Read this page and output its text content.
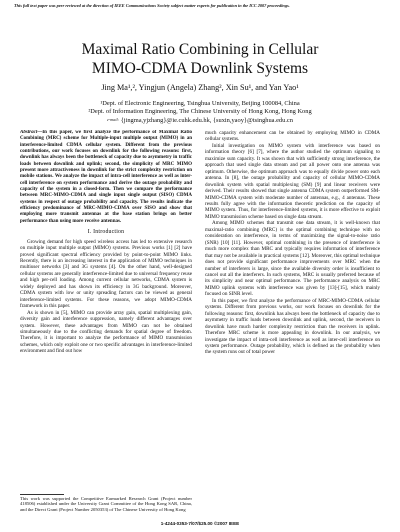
This full text paper was peer reviewed at the direction of IEEE Communications Society subject matter experts for publication in the ICC 2007 proceedings.
Maximal Ratio Combining in Cellular
MIMO-CDMA Downlink Systems
Jing Ma¹,², Yingjun (Angela) Zhang², Xin Su¹, and Yan Yao¹
¹Dept. of Electronic Engineering, Tsinghua University, Beijing 100084, China
²Dept. of Information Engineering, The Chinese University of Hong Kong, Hong Kong
e-mail: {jingma,yjzhang}@ie.cuhk.edu.hk, {suxin,yaoy}@tsinghua.edu.cn

Abstract—In this paper, we first analyze the performance of Maximal Ratio Combining (MRC) scheme for Multiple-input multiple output (MIMO) in an interference-limited CDMA cellular system. Different from the previous contributions, our work focuses on downlink for the following reasons: first, downlink has always been the bottleneck of capacity due to asymmetry in traffic loads between downlink and uplink; second, the simplicity of MRC MIMO present more attractiveness in downlink for the strict complexity restriction on mobile stations. We analyze the impact of intra-cell interference as well as inter-cell interference on system performance and derive the outage probability and capacity of the system in a closed-form. Then we compare the performance between MRC-MIMO-CDMA and single input single output (SISO) CDMA systems in respect of outage probability and capacity. The results indicate the efficiency predominance of MRC-MIMO-CDMA over SISO and show that employing more transmit antennas at the base station brings on better performance than using more receive antennas.

I. Introduction

Growing demand for high speed wireless access has led to extensive research on multiple input multiple output (MIMO) systems. Previous works [1] [2] have proved significant spectral efficiency provided by point-to-point MIMO links. Recently, there is an increasing interest in the application of MIMO techniques in multiuser networks [3] and 3G systems [4]. On the other hand, well-designed cellular systems are generally interference-limited due to universal frequency reuse and high per-cell loading. Among current cellular networks, CDMA system is widely deployed and has shown its efficiency in 3G background. Moreover, CDMA system with low or unity spreading factors can be viewed as general interference-limited systems. For these reasons, we adopt MIMO-CDMA framework in this paper.

As is shown in [5], MIMO can provide array gain, spatial multiplexing gain, diversity gain and interference suppression, namely different advantages over system. However, these advantages from MIMO can not be obtained simultaneously due to the conflicting demands for spatial degree of freedom. Therefore, it is important to analyze the performance of MIMO transmission schemes, which only exploit one or two specific advantages in interference-limited environment and find out how

much capacity enhancement can be obtained by employing MIMO in CDMA cellular systems.

Initial investigation on MIMO system with interference was based on information theory [6] [7], where the author studied the optimum signaling to maximize sum capacity. It was shown that with sufficiently strong interference, the approach that used single data stream and put all power onto one antenna was optimum. Otherwise, the optimum approach was to equally divide power onto each antenna. In [8], the outage probability and capacity of cellular MIMO-CDMA downlink system with spatial multiplexing (SM) [9] and linear receivers were derived. Their results showed that single antenna CDMA system outperformed SM-MIMO-CDMA system with moderate number of antennas, e.g., 4 antennas. These results fully agree with the information theoretic prediction on the capacity of MIMO system. Thus, for interference-limited systems, it is more effective to exploit MIMO transmission scheme based on single data stream.

Among MIMO schemes that transmit one data stream, it is well-known that maximal-ratio combining (MRC) is the optimal combining technique with no consideration on interference, in terms of maximizing the signal-to-noise ratio (SNR) [10] [11]. However, optimal combining in the presence of interference is much more complex than MRC and typically requires information of interference that may not be available in practical systems [12]. Moreover, this optimal technique does not provide significant performance improvements over MRC when the number of interferers is large, since the available diversity order is insufficient to cancel out all the interferers. In such systems, MRC is usually preferred because of its simplicity and near optimal performance. The performance analysis on MRC MIMO uplink systems with interference was given by [13]-[15], which mainly focused on SINR level.

In this paper, we first analyze the performance of MRC-MIMO-CDMA cellular systems. Different from previous works, our work focuses on downlink for the following reasons: first, downlink has always been the bottleneck of capacity due to asymmetry in traffic loads between downlink and uplink, second, the receivers in downlink have much harder complexity restriction than the receivers in uplink. Therefore MRC scheme is more appealing in downlink. In our analysis, we investigate the impact of intra-cell interference as well as inter-cell interference on system performance. Outage probability, which is defined as the probability when the system runs out of total power

This work was supported the Competitive Earmarked Research Grant (Project number 418506) established under the University Grant Committee of the Hong Kong SAR, China, and the Direct Grant (Project Number 2050353) of The Chinese University of Hong Kong
1-4244-0353-7/07/$25.00 ©2007 IEEE
